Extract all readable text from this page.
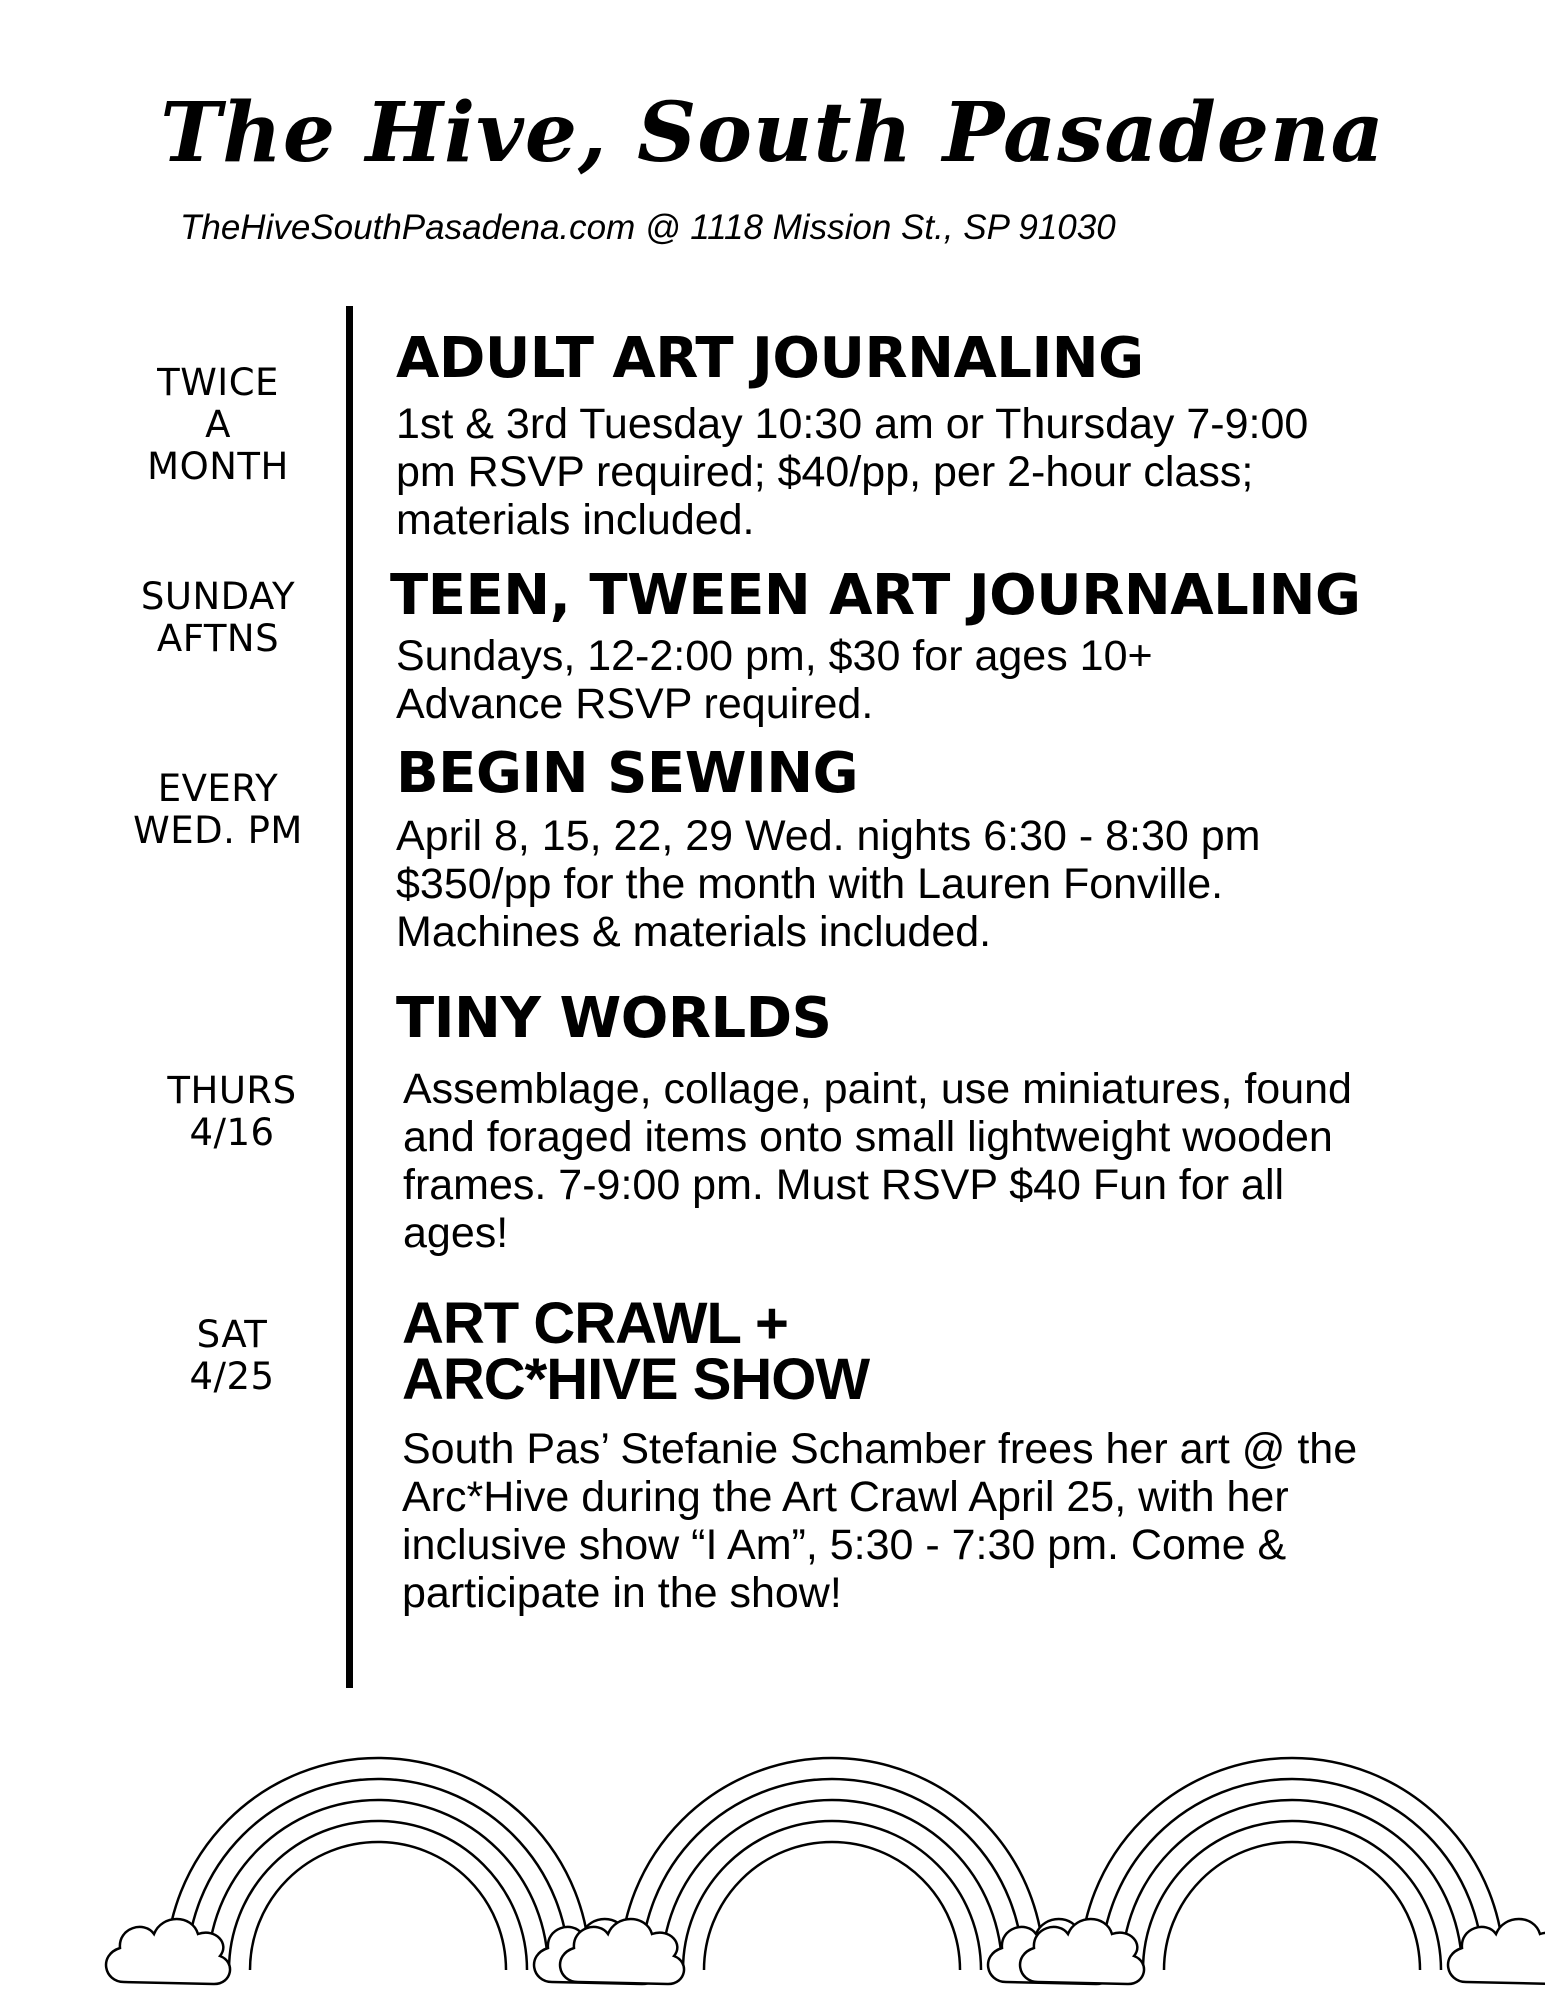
The Hive, South Pasadena
TheHiveSouthPasadena.com @ 1118 Mission St., SP 91030
TWICE
A
MONTH
ADULT ART JOURNALING
1st & 3rd Tuesday 10:30 am or Thursday 7-9:00 pm RSVP required; $40/pp, per 2-hour class; materials included.
SUNDAY
AFTNS
TEEN, TWEEN ART JOURNALING
Sundays, 12-2:00 pm, $30 for ages 10+ Advance RSVP required.
EVERY
WED. PM
BEGIN SEWING
April 8, 15, 22, 29 Wed. nights 6:30 - 8:30 pm $350/pp for the month with Lauren Fonville. Machines & materials included.
THURS
4/16
TINY WORLDS
Assemblage, collage, paint, use miniatures, found and foraged items onto small lightweight wooden frames. 7-9:00 pm. Must RSVP $40 Fun for all ages!
SAT
4/25
ART CRAWL +
ARC*HIVE SHOW
South Pas’ Stefanie Schamber frees her art @ the Arc*Hive during the Art Crawl April 25, with her inclusive show “I Am”, 5:30 - 7:30 pm. Come & participate in the show!
